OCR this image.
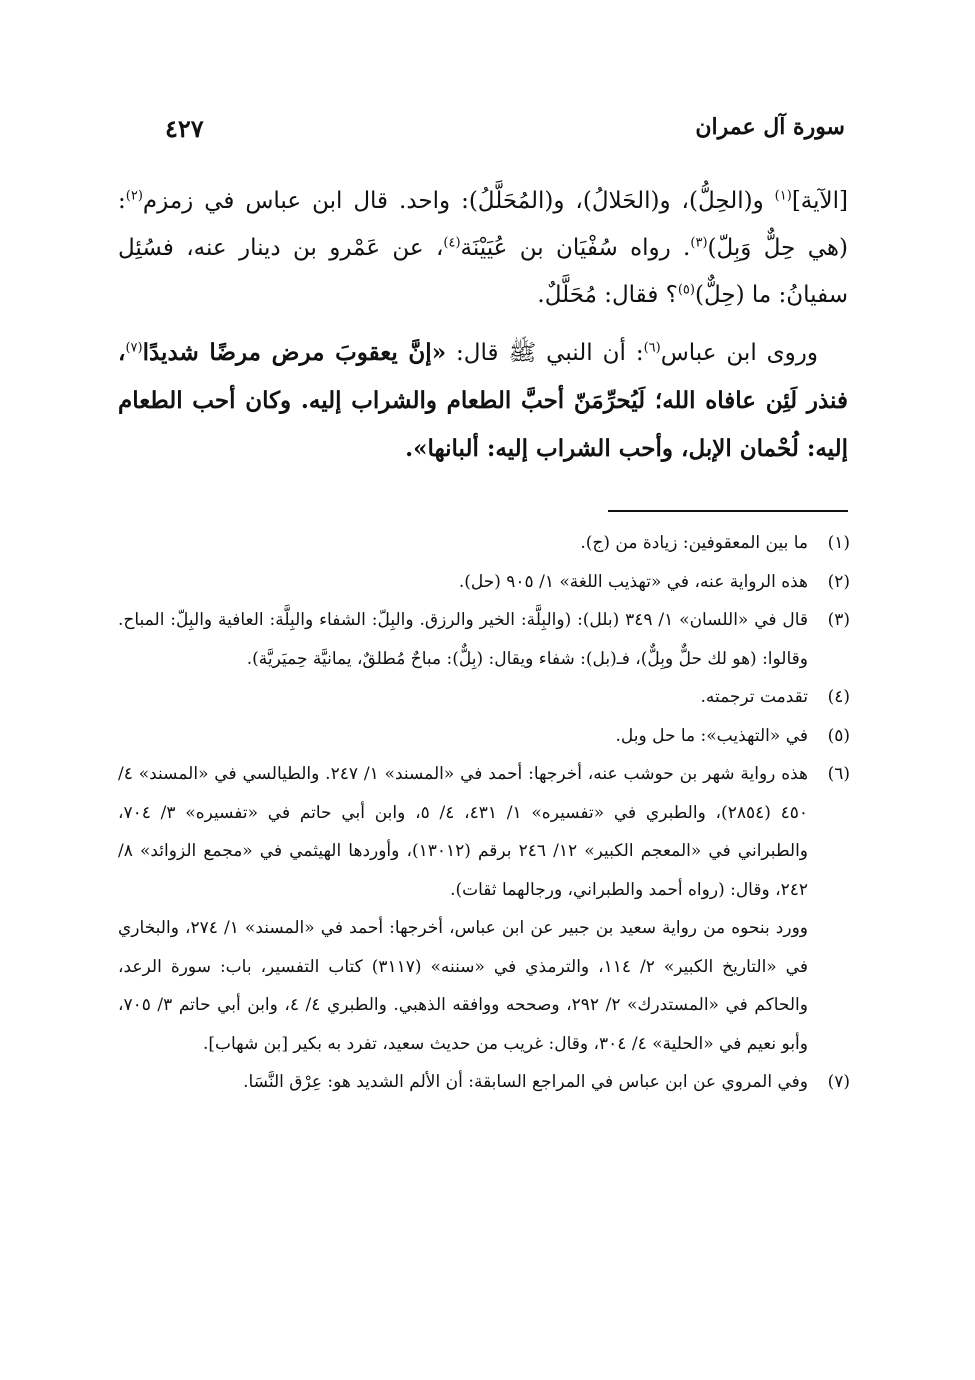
سورة آل عمران
٤٢٧

[الآية]$^{(١)}$ و(الحِلُّ)، و(الحَلالُ)، و(المُحَلَّلُ): واحد. قال ابن عباس في زمزم$^{(٢)}$: (هي حِلٌّ وَبِلّ)$^{(٣)}$. رواه سُفْيَان بن عُيَيْنَة$^{(٤)}$، عن عَمْرو بن دينار عنه، فسُئِل سفيانُ: ما (حِلٌّ)$^{(٥)}$؟ فقال: مُحَلَّلٌ.

وروى ابن عباس$^{(٦)}$: أن النبي ﷺ قال: «إنَّ يعقوبَ مرض مرضًا شديدًا$^{(٧)}$، فنذر لَئِن عافاه الله؛ لَيُحرِّمَنّ أحبَّ الطعام والشراب إليه. وكان أحب الطعام إليه: لُحْمان الإبل، وأحب الشراب إليه: ألبانها».

(١)

ما بين المعقوفين: زيادة من (ج).

(٢)

هذه الرواية عنه، في «تهذيب اللغة» ١/ ٩٠٥ (حل).

(٣)

قال في «اللسان» ١/ ٣٤٩ (بلل): (والبِلَّة: الخير والرزق. والبِلّ: الشفاء والبِلَّة: العافية والبِلّ: المباح. وقالوا: (هو لك حلٌّ وبِلٌّ)، فـ(بل): شفاء ويقال: (بِلٌّ): مباحٌ مُطلقٌ، يمانيَّة حِميَريَّة).

(٤)

تقدمت ترجمته.

(٥)

في «التهذيب»: ما حل وبل.

(٦)

هذه رواية شهر بن حوشب عنه، أخرجها: أحمد في «المسند» ١/ ٢٤٧. والطيالسي في «المسند» ٤/ ٤٥٠ (٢٨٥٤)، والطبري في «تفسيره» ١/ ٤٣١، ٤/ ٥، وابن أبي حاتم في «تفسيره» ٣/ ٧٠٤، والطبراني في «المعجم الكبير» ١٢/ ٢٤٦ برقم (١٣٠١٢)، وأوردها الهيثمي في «مجمع الزوائد» ٨/ ٢٤٢، وقال: (رواه أحمد والطبراني، ورجالهما ثقات).

وورد بنحوه من رواية سعيد بن جبير عن ابن عباس، أخرجها: أحمد في «المسند» ١/ ٢٧٤، والبخاري في «التاريخ الكبير» ٢/ ١١٤، والترمذي في «سننه» (٣١١٧) كتاب التفسير، باب: سورة الرعد، والحاكم في «المستدرك» ٢/ ٢٩٢، وصححه ووافقه الذهبي. والطبري ٤/ ٤، وابن أبي حاتم ٣/ ٧٠٥، وأبو نعيم في «الحلية» ٤/ ٣٠٤، وقال: غريب من حديث سعيد، تفرد به بكير [بن شهاب].

(٧)

وفي المروي عن ابن عباس في المراجع السابقة: أن الألم الشديد هو: عِرْق النَّسَا.
